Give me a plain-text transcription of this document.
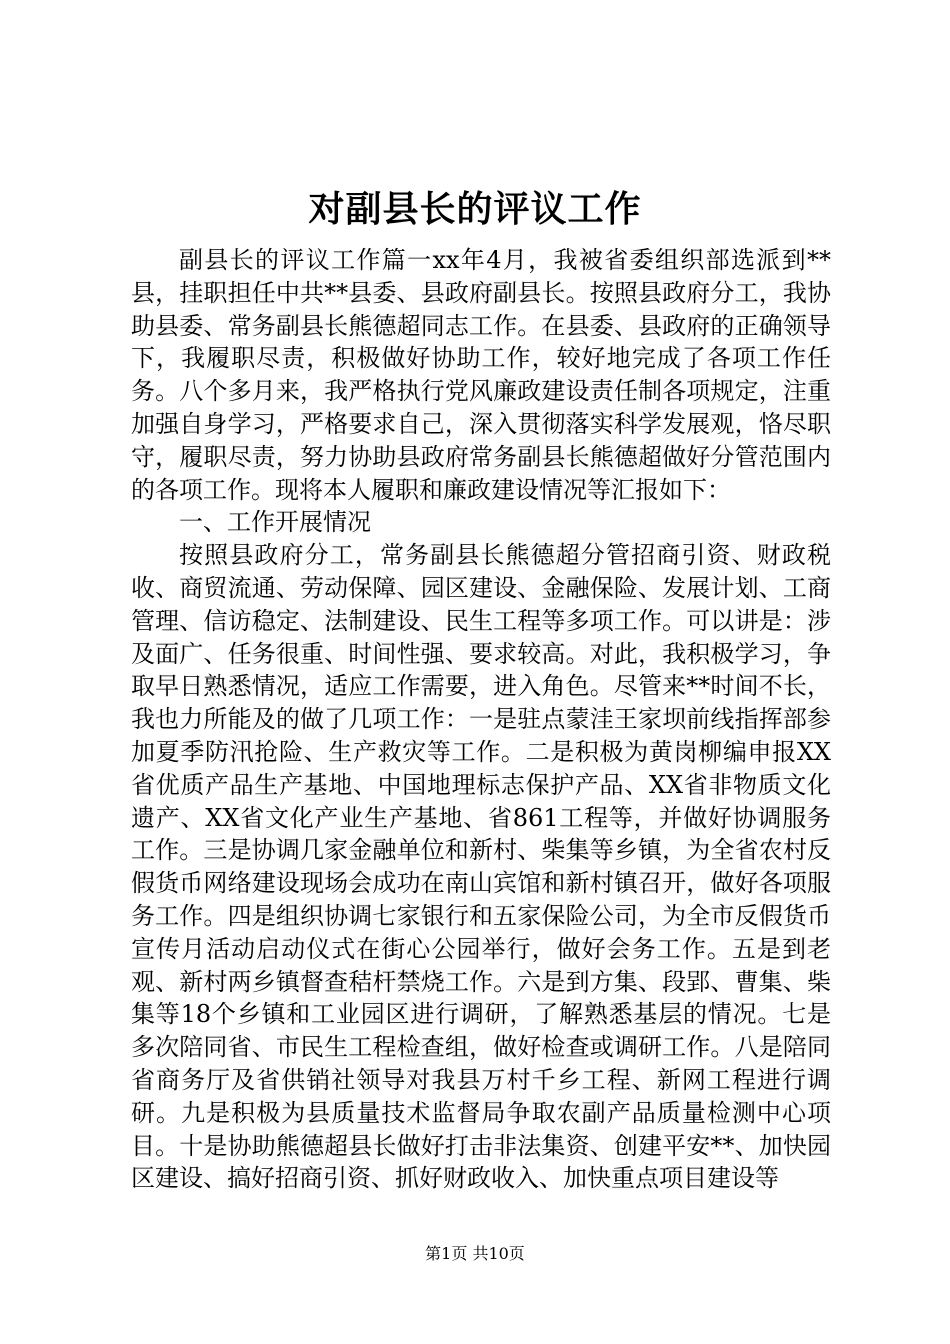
对副县长的评议工作

副县长的评议工作篇一xx年4月，我被省委组织部选派到**县，挂职担任中共**县委、县政府副县长。按照县政府分工，我协助县委、常务副县长熊德超同志工作。在县委、县政府的正确领导下，我履职尽责，积极做好协助工作，较好地完成了各项工作任务。八个多月来，我严格执行党风廉政建设责任制各项规定，注重加强自身学习，严格要求自己，深入贯彻落实科学发展观，恪尽职守，履职尽责，努力协助县政府常务副县长熊德超做好分管范围内的各项工作。现将本人履职和廉政建设情况等汇报如下：

一、工作开展情况

按照县政府分工，常务副县长熊德超分管招商引资、财政税收、商贸流通、劳动保障、园区建设、金融保险、发展计划、工商管理、信访稳定、法制建设、民生工程等多项工作。可以讲是：涉及面广、任务很重、时间性强、要求较高。对此，我积极学习，争取早日熟悉情况，适应工作需要，进入角色。尽管来**时间不长，我也力所能及的做了几项工作：一是驻点蒙洼王家坝前线指挥部参加夏季防汛抢险、生产救灾等工作。二是积极为黄岗柳编申报XX省优质产品生产基地、中国地理标志保护产品、XX省非物质文化遗产、XX省文化产业生产基地、省861工程等，并做好协调服务工作。三是协调几家金融单位和新村、柴集等乡镇，为全省农村反假货币网络建设现场会成功在南山宾馆和新村镇召开，做好各项服务工作。四是组织协调七家银行和五家保险公司，为全市反假货币宣传月活动启动仪式在街心公园举行，做好会务工作。五是到老观、新村两乡镇督查秸杆禁烧工作。六是到方集、段郢、曹集、柴集等18个乡镇和工业园区进行调研，了解熟悉基层的情况。七是多次陪同省、市民生工程检查组，做好检查或调研工作。八是陪同省商务厅及省供销社领导对我县万村千乡工程、新网工程进行调研。九是积极为县质量技术监督局争取农副产品质量检测中心项目。十是协助熊德超县长做好打击非法集资、创建平安**、加快园区建设、搞好招商引资、抓好财政收入、加快重点项目建设等

第1页 共10页
